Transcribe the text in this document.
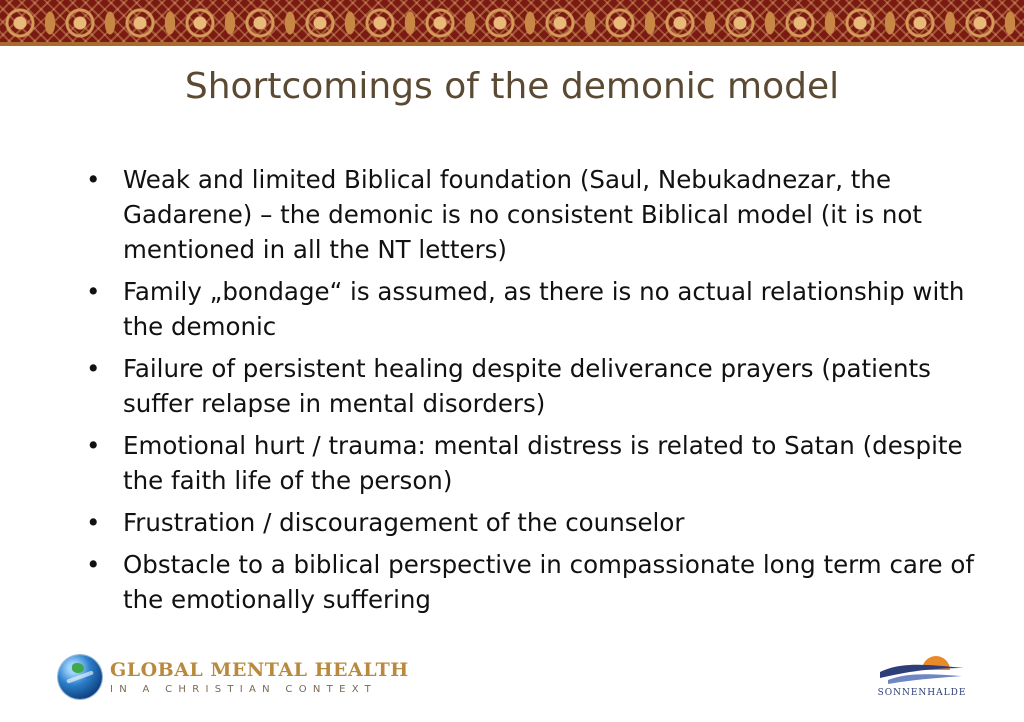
Shortcomings of the demonic model
• Weak and limited Biblical foundation (Saul, Nebukadnezar, the Gadarene) – the demonic is no consistent Biblical model (it is not mentioned in all the NT letters)
• Family „bondage“ is assumed, as there is no actual relationship with the demonic
• Failure of persistent healing despite deliverance prayers (patients suffer relapse in mental disorders)
• Emotional hurt / trauma: mental distress is related to Satan (despite the faith life of the person)
• Frustration / discouragement of the counselor
• Obstacle to a biblical perspective in compassionate long term care of the emotionally suffering
GLOBAL MENTAL HEALTH
IN A CHRISTIAN CONTEXT	SONNENHALDE
